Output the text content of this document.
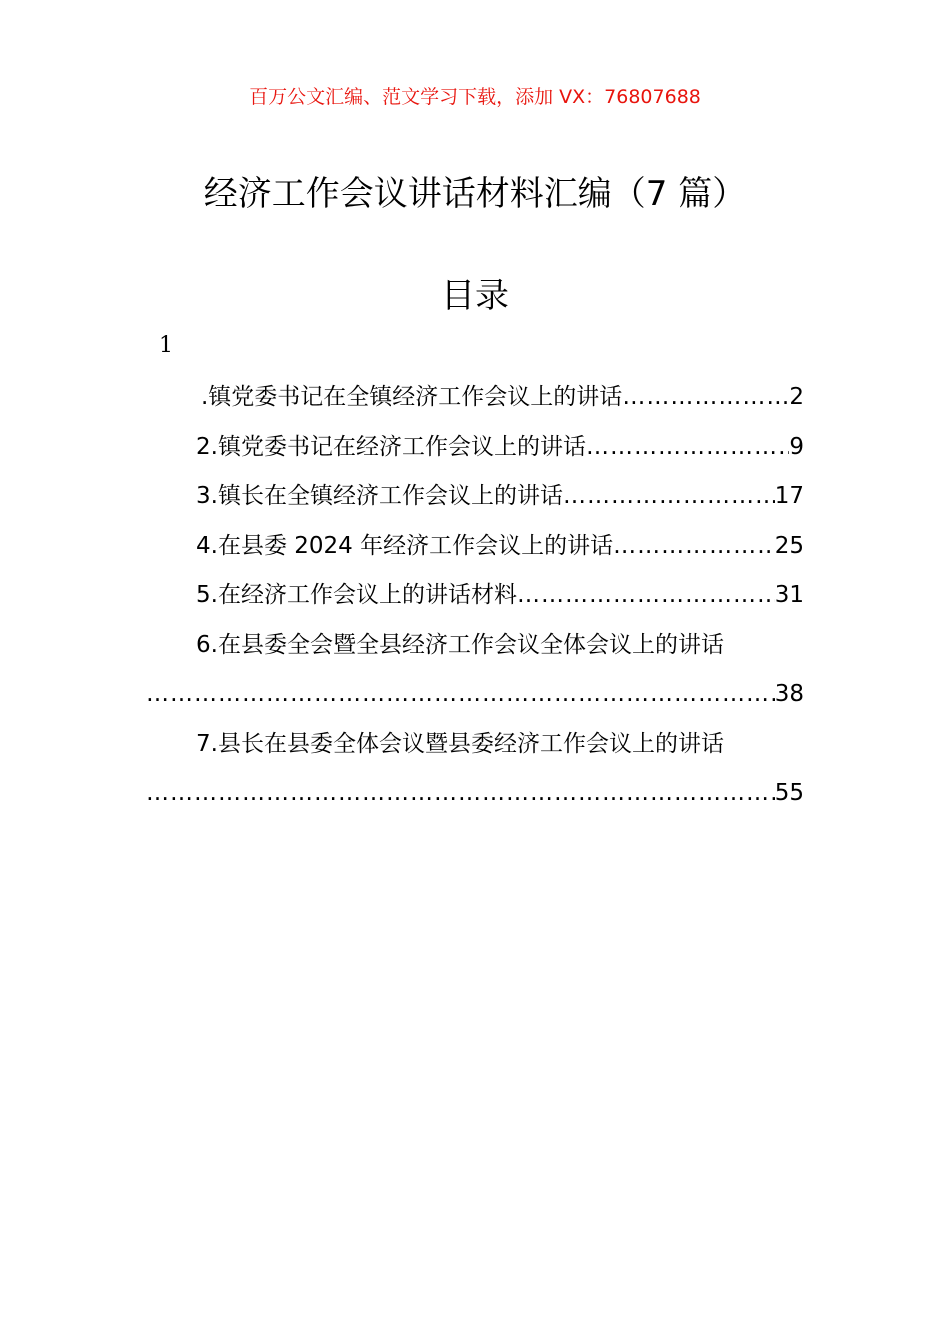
百万公文汇编、范文学习下载，添加 VX：76807688
经济工作会议讲话材料汇编（7 篇）
目录
1
.镇党委书记在全镇经济工作会议上的讲话 …………………………………………………………………………………………………………………………………………………………………………………………………………	2
2.镇党委书记在经济工作会议上的讲话 …………………………………………………………………………………………………………………………………………………………………………………………………………	9
3.镇长在全镇经济工作会议上的讲话 …………………………………………………………………………………………………………………………………………………………………………………………………………	17
4.在县委 2024 年经济工作会议上的讲话 …………………………………………………………………………………………………………………………………………………………………………………………………………	25
5.在经济工作会议上的讲话材料 …………………………………………………………………………………………………………………………………………………………………………………………………………	31
6.在县委全会暨全县经济工作会议全体会议上的讲话
…………………………………………………………………………………………………………………………………………………………………………………………………………
38
7.县长在县委全体会议暨县委经济工作会议上的讲话
…………………………………………………………………………………………………………………………………………………………………………………………………………
55
